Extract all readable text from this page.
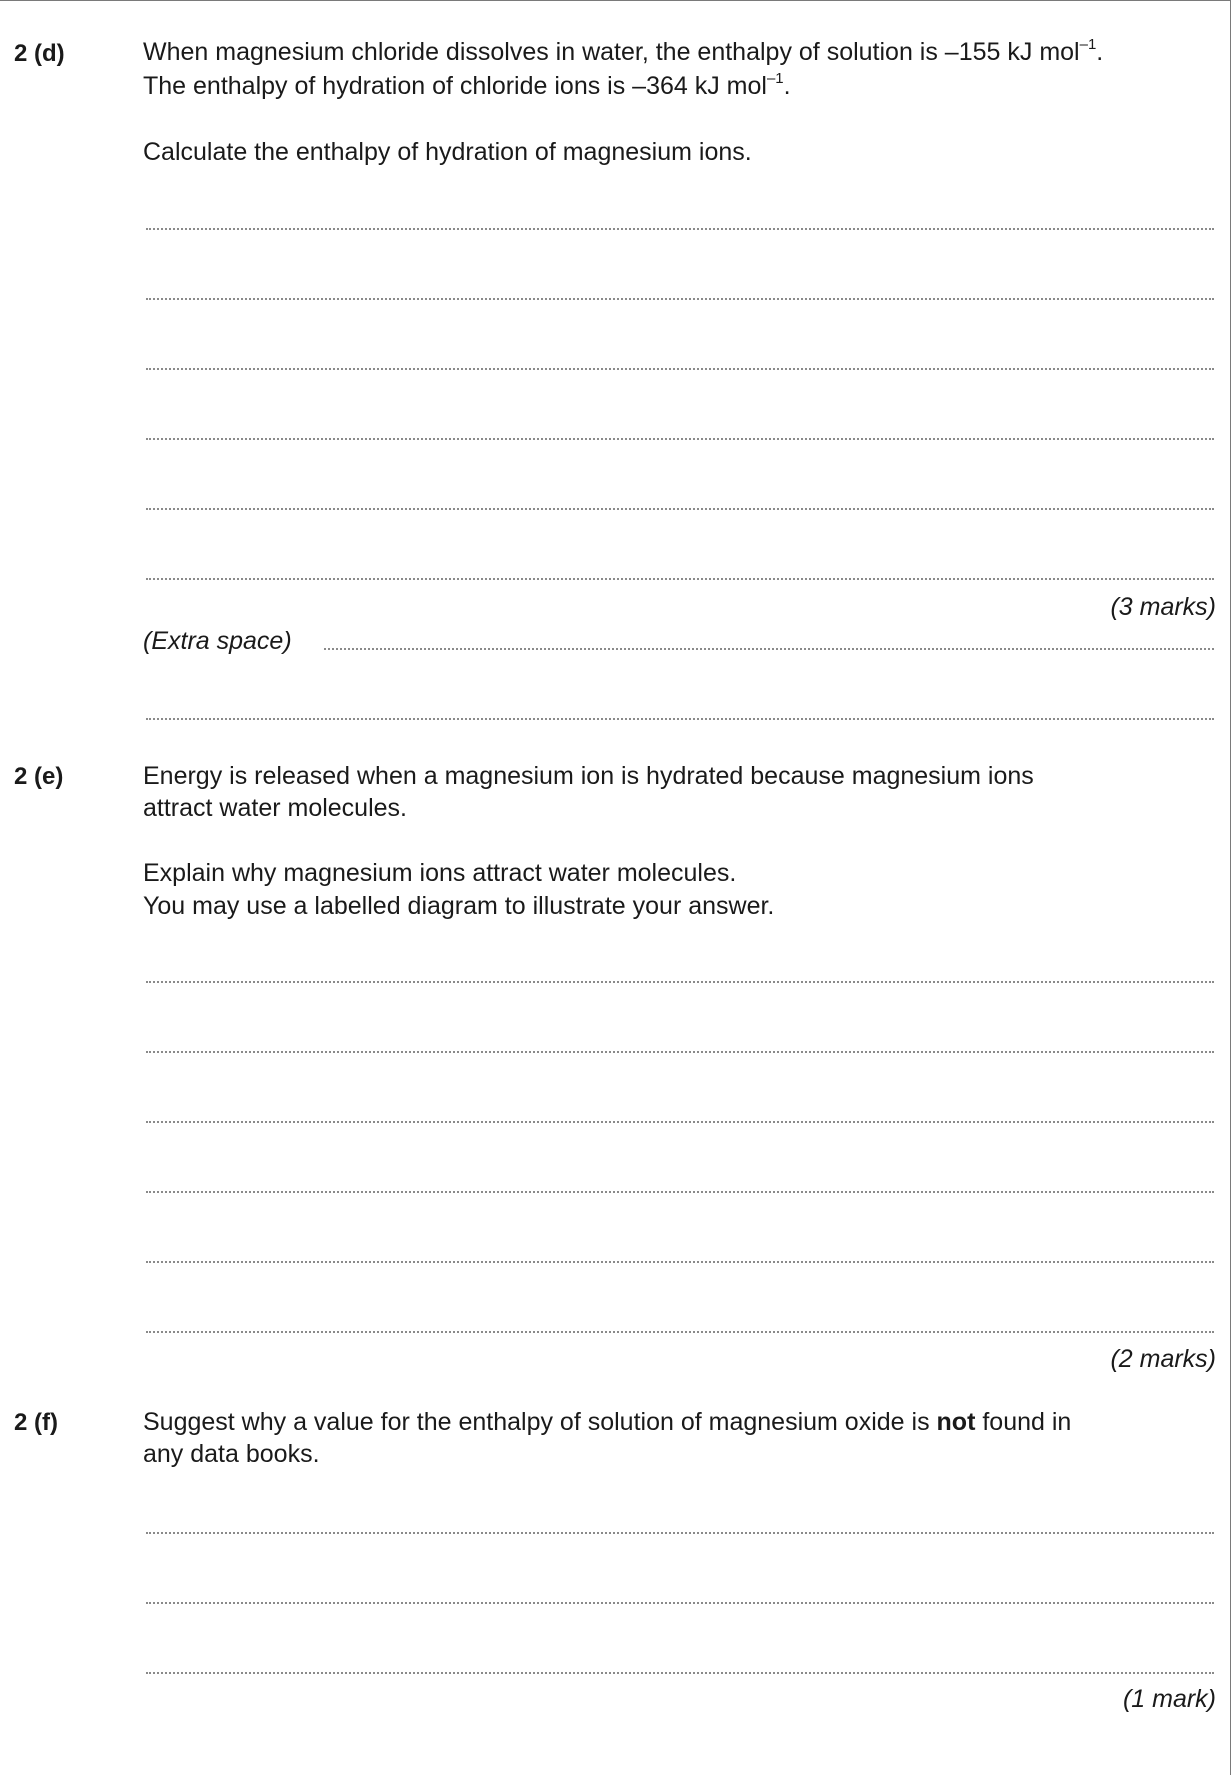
2 (d)	When magnesium chloride dissolves in water, the enthalpy of solution is –155 kJ mol$^{-1}$.
The enthalpy of hydration of chloride ions is –364 kJ mol$^{-1}$.
Calculate the enthalpy of hydration of magnesium ions.
(3 marks)
(Extra space)
2 (e)	Energy is released when a magnesium ion is hydrated because magnesium ions
attract water molecules.
Explain why magnesium ions attract water molecules.
You may use a labelled diagram to illustrate your answer.
(2 marks)
2 (f)	Suggest why a value for the enthalpy of solution of magnesium oxide is not found in
any data books.
(1 mark)
